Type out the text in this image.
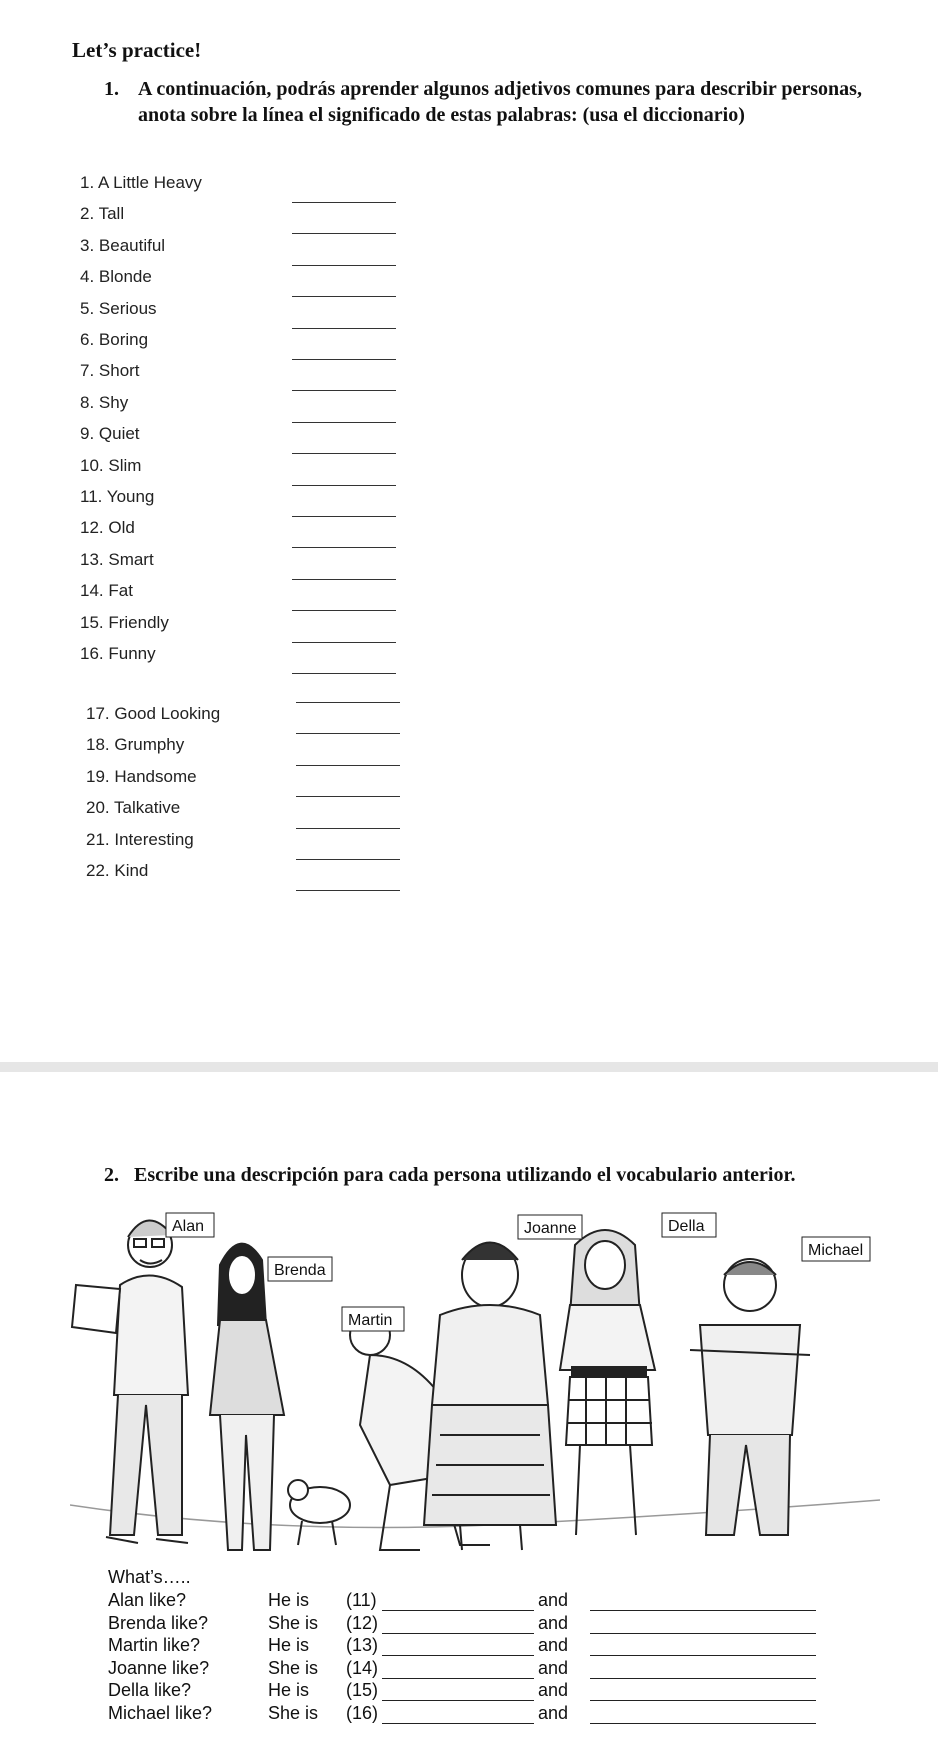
Let’s practice!
1. A continuación, podrás aprender algunos adjetivos comunes para describir personas, anota sobre la línea el significado de estas palabras: (usa el diccionario)
1. A Little Heavy
2. Tall
3. Beautiful
4. Blonde
5. Serious
6. Boring
7. Short
8. Shy
9. Quiet
10. Slim
11. Young
12. Old
13. Smart
14. Fat
15. Friendly
16. Funny
17. Good Looking
18. Grumphy
19. Handsome
20. Talkative
21. Interesting
22. Kind
2. Escribe una descripción para cada persona utilizando el vocabulario anterior.
Alan
Brenda
Martin
Joanne	Della
Michael
What’s…..
Alan like?	He is (11)	and
Brenda like?	She is (12)	and
Martin like?	He is (13)	and
Joanne like?	She is (14)	and
Della like?	He is (15)	and
Michael like?	She is (16)	and
